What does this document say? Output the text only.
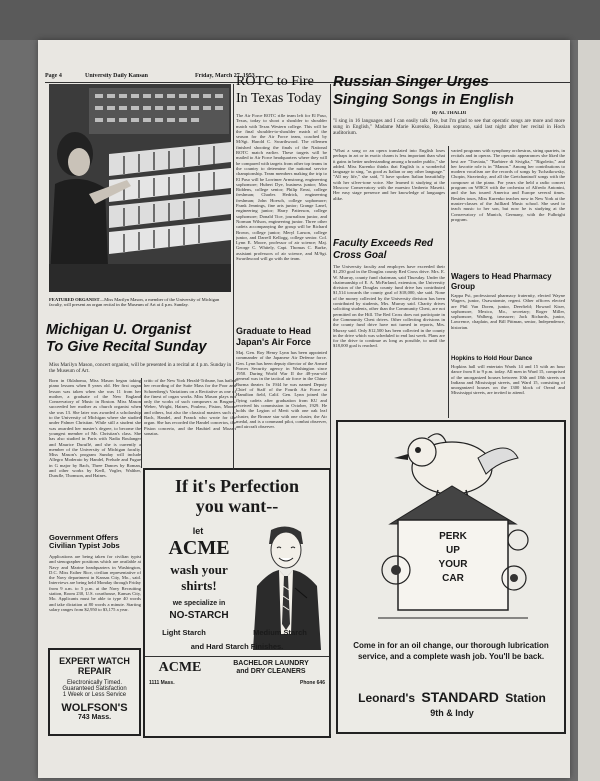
Page 4	University Daily Kansan	Friday, March 27, 1953
FEATURED ORGANIST—Miss Marilyn Mason, a member of the University of Michigan faculty, will present an organ recital in the Museum of Art at 4 p.m. Sunday.
Michigan U. Organist
To Give Recital Sunday
Miss Marilyn Mason, concert organist, will be presented in a recital at 4 p.m. Sunday in the Museum of Art.
Born in Oklahoma, Miss Mason began taking piano lessons when 8 years old. Her first organ lesson was taken when she was 11 from her mother, a graduate of the New England Conservatory of Music in Boston. Miss Mason succeeded her mother as church organist when she was 13. She later was awarded a scholarship to the University of Michigan where she studied under Palmer Christian. While still a student she was awarded her master's degree, to become the youngest member of Mr. Christian's class. She has also studied in Paris with Nadia Boulanger and Maurice Duruflé, and she is currently a member of the University of Michigan faculty. Miss Mason's program Sunday will include Allegro Moderato by Handel, Prelude and Fugue in G major by Bach, Three Dances by Roman, and other works by Kerll, Vogler, Walther, Durufle, Thomson, and Haines.
critic of the New York Herald-Tribune, has hailed her recording of the Suite Mass for the Poor and Schoenberg's Variations on a Recitative as one of the finest of organ works. Miss Mason plays not only the works of such composers as Brugnes, Weber, Wright, Haines, Poulenc, Piston, Moore and others, but also the classical masters such as Bach, Handel, and Franck who wrote for the organ. She has recorded the Handel concertos, the Piston concerto, and the Haubiel and Mozart sonatas.
Government Offers Civilian Typist Jobs
Applications are being taken for civilian typist and stenographer positions which are available at Navy and Marine headquarters in Washington, D.C. Miss Esther Rice, civilian representative of the Navy department in Kansas City, Mo., said. Interviews are being held Monday through Friday from 9 a.m. to 5 p.m. at the Navy Recruiting station, Room 230, U.S. courthouse, Kansas City, Mo. Applicants must be able to type 40 words and take dictation at 80 words a minute. Starting salary ranges from $2,950 to $3,175 a year.
EXPERT WATCH
REPAIR
Electronically Timed.
Guaranteed Satisfaction
1 Week or Less Service
WOLFSON'S
743 Mass.
ROTC to Fire
In Texas Today
The Air Force ROTC rifle team left for El Paso, Texas, today to shoot a shoulder to shoulder match with Texas Western college. This will be the final shoulder-to-shoulder match of the season for the Air Force team, coached by M/Sgt. Harold C. Swarthwood. The riflemen finished shooting the finals of the National ROTC match earlier. These targets will be mailed to Air Force headquarters where they will be compared with targets from other top teams in the country to determine the national service championship. Team members making the trip to El Paso will be Lorrimer Armstrong, engineering sophomore; Hubert Dye, business junior; Max Riddens, college senior; Philip Ernst, college freshman; Charles Hedrick, engineering freshman; John Hoesch, college sophomore; Frank Jennings, fine arts junior; Grange Lanel, engineering junior; Harry Patterson, college sophomore; Donald Tice, journalism junior, and Norman Wilson, engineering junior. Three other cadets accompanying the group will be Richard Brown, college junior; Meryl Larson, college junior, and Darrell Kellogg, college senior. Col. Lynn E. Moore, professor of air science; Maj. George C. Whitely, Capt. Thomas C. Burke, assistant professors of air science, and M/Sgt. Swarthwood will go with the team.
Graduate to Head Japan's Air Force
Maj. Gen. Roy Henry Lynn has been appointed commander of the Japanese Air Defense force. Gen. Lynn has been deputy director of the Armed Forces Security agency in Washington since 1950. During World War II the 48-year-old general was in the tactical air force in the China-Burma theater. In 1944 he was named Deputy Chief of Staff of the Fourth Air Force at Hamilton field, Calif. Gen. Lynn joined the flying cadets after graduation from KU and received his commission in October, 1929. He holds the Legion of Merit with one oak leaf cluster, the Bronze star with one cluster, the Air medal, and is a command pilot, combat observer, and aircraft observer.
Russian Singer Urges
Singing Songs in English
By AL THALDI
"I sing in 16 languages and I can easily talk five, but I'm glad to see that operatic songs are more and more sung in English," Madame Marie Kurenko, Russian soprano, said last night after her recital in Hoch auditorium.
"What a song or an opera translated into English loses perhaps in art or in exotic charm is less important than what it gains in better understanding among a broader public," she added. Miss Kurenko thinks that English is a wonderful language to sing, "as good as Italian or any other language." "All my life," she said, "I have spoken Italian beautifully with her silver-tone voice. She learned it studying at the Moscow Conservatory with the maestro Umberto Masetti. Her easy stage presence and her knowledge of languages alike.
varied programs with symphony orchestras, string quartets, in recitals and in operas. The operatic appearances she liked the best are "Traviata," "Barbiere di Siviglia," "Rigoletto," and her favorite role is in "Manon." Among her contributions to modern vocalism are the records of songs by Tschaikowsky, Chopin, Stravinsky, and all the Gretchaninoff songs with the composer at the piano. For years she held a radio concert program on WBCS with the orchestra of Alfredo Antonini, and she has toured America and Europe several times. Besides tours, Miss Kurenko teaches now in New York at the master-classes of the Juilliard Music school. She used to teach music to her son, but now he is studying at the Conservatory of Munich, Germany, with the Fulbright program.
Faculty Exceeds Red Cross Goal
The University faculty and employes have exceeded their $1,250 goal in the Douglas county Red Cross drive. Mrs. E. W. Murray, county fund chairman, said Thursday. Under the chairmanship of E. A. McFarland, extension, the University division of the Douglas county fund drive has contributed $1,514 towards the county goal of $18,000, she said. None of the money collected by the University division has been contributed by students, Mrs. Murray said. Charity drives soliciting students, other than the Community Chest, are not permitted on the Hill. The Red Cross does not participate in the Community Chest drives. Other collecting divisions in the county fund drive have not turned in reports, Mrs. Murray said. Only $12,500 has been collected in the county in the drive which was scheduled to end last week. Plans are for the drive to continue as long as possible, to until the $18,000 goal is reached.
Wagers to Head Pharmacy Group
Kappa Psi, professional pharmacy fraternity, elected Wayne Wagers, junior, Osawatomie, regent. Other officers elected are Phil Van Doren, junior, Deerfield; Howard Kiser, sophomore, Mexico, Mo., secretary; Roger Miller, sophomore, Walberg, treasurer; Jack Richards, junior, Lawrence, chaplain, and Bill Pittman, senior, Independence, historian.
Hopkins to Hold Hour Dance
Hopkins hall will entertain Wards 14 and 15 with an hour dance from 8 to 9 p.m. today. All men in Ward 15, comprised of the unorganized houses between 10th and 18th streets on Indiana and Mississippi streets, and Ward 15, consisting of unorganized houses on the 1300 block of Oread and Mississippi streets, are invited to attend.
If it's Perfection
you want--
let
ACME
wash your
shirts!
we specialize in
NO-STARCH
Light Starch	Medium Starch
and Hard Starch Finishes.
ACME	BACHELOR LAUNDRY
and DRY CLEANERS
1111 Mass.	Phone 646
PERK
UP
YOUR
CAR
Come in for an oil change, our thorough lubrication service, and a complete wash job. You'll be back.
Leonard's STANDARD Station
9th & Indy
